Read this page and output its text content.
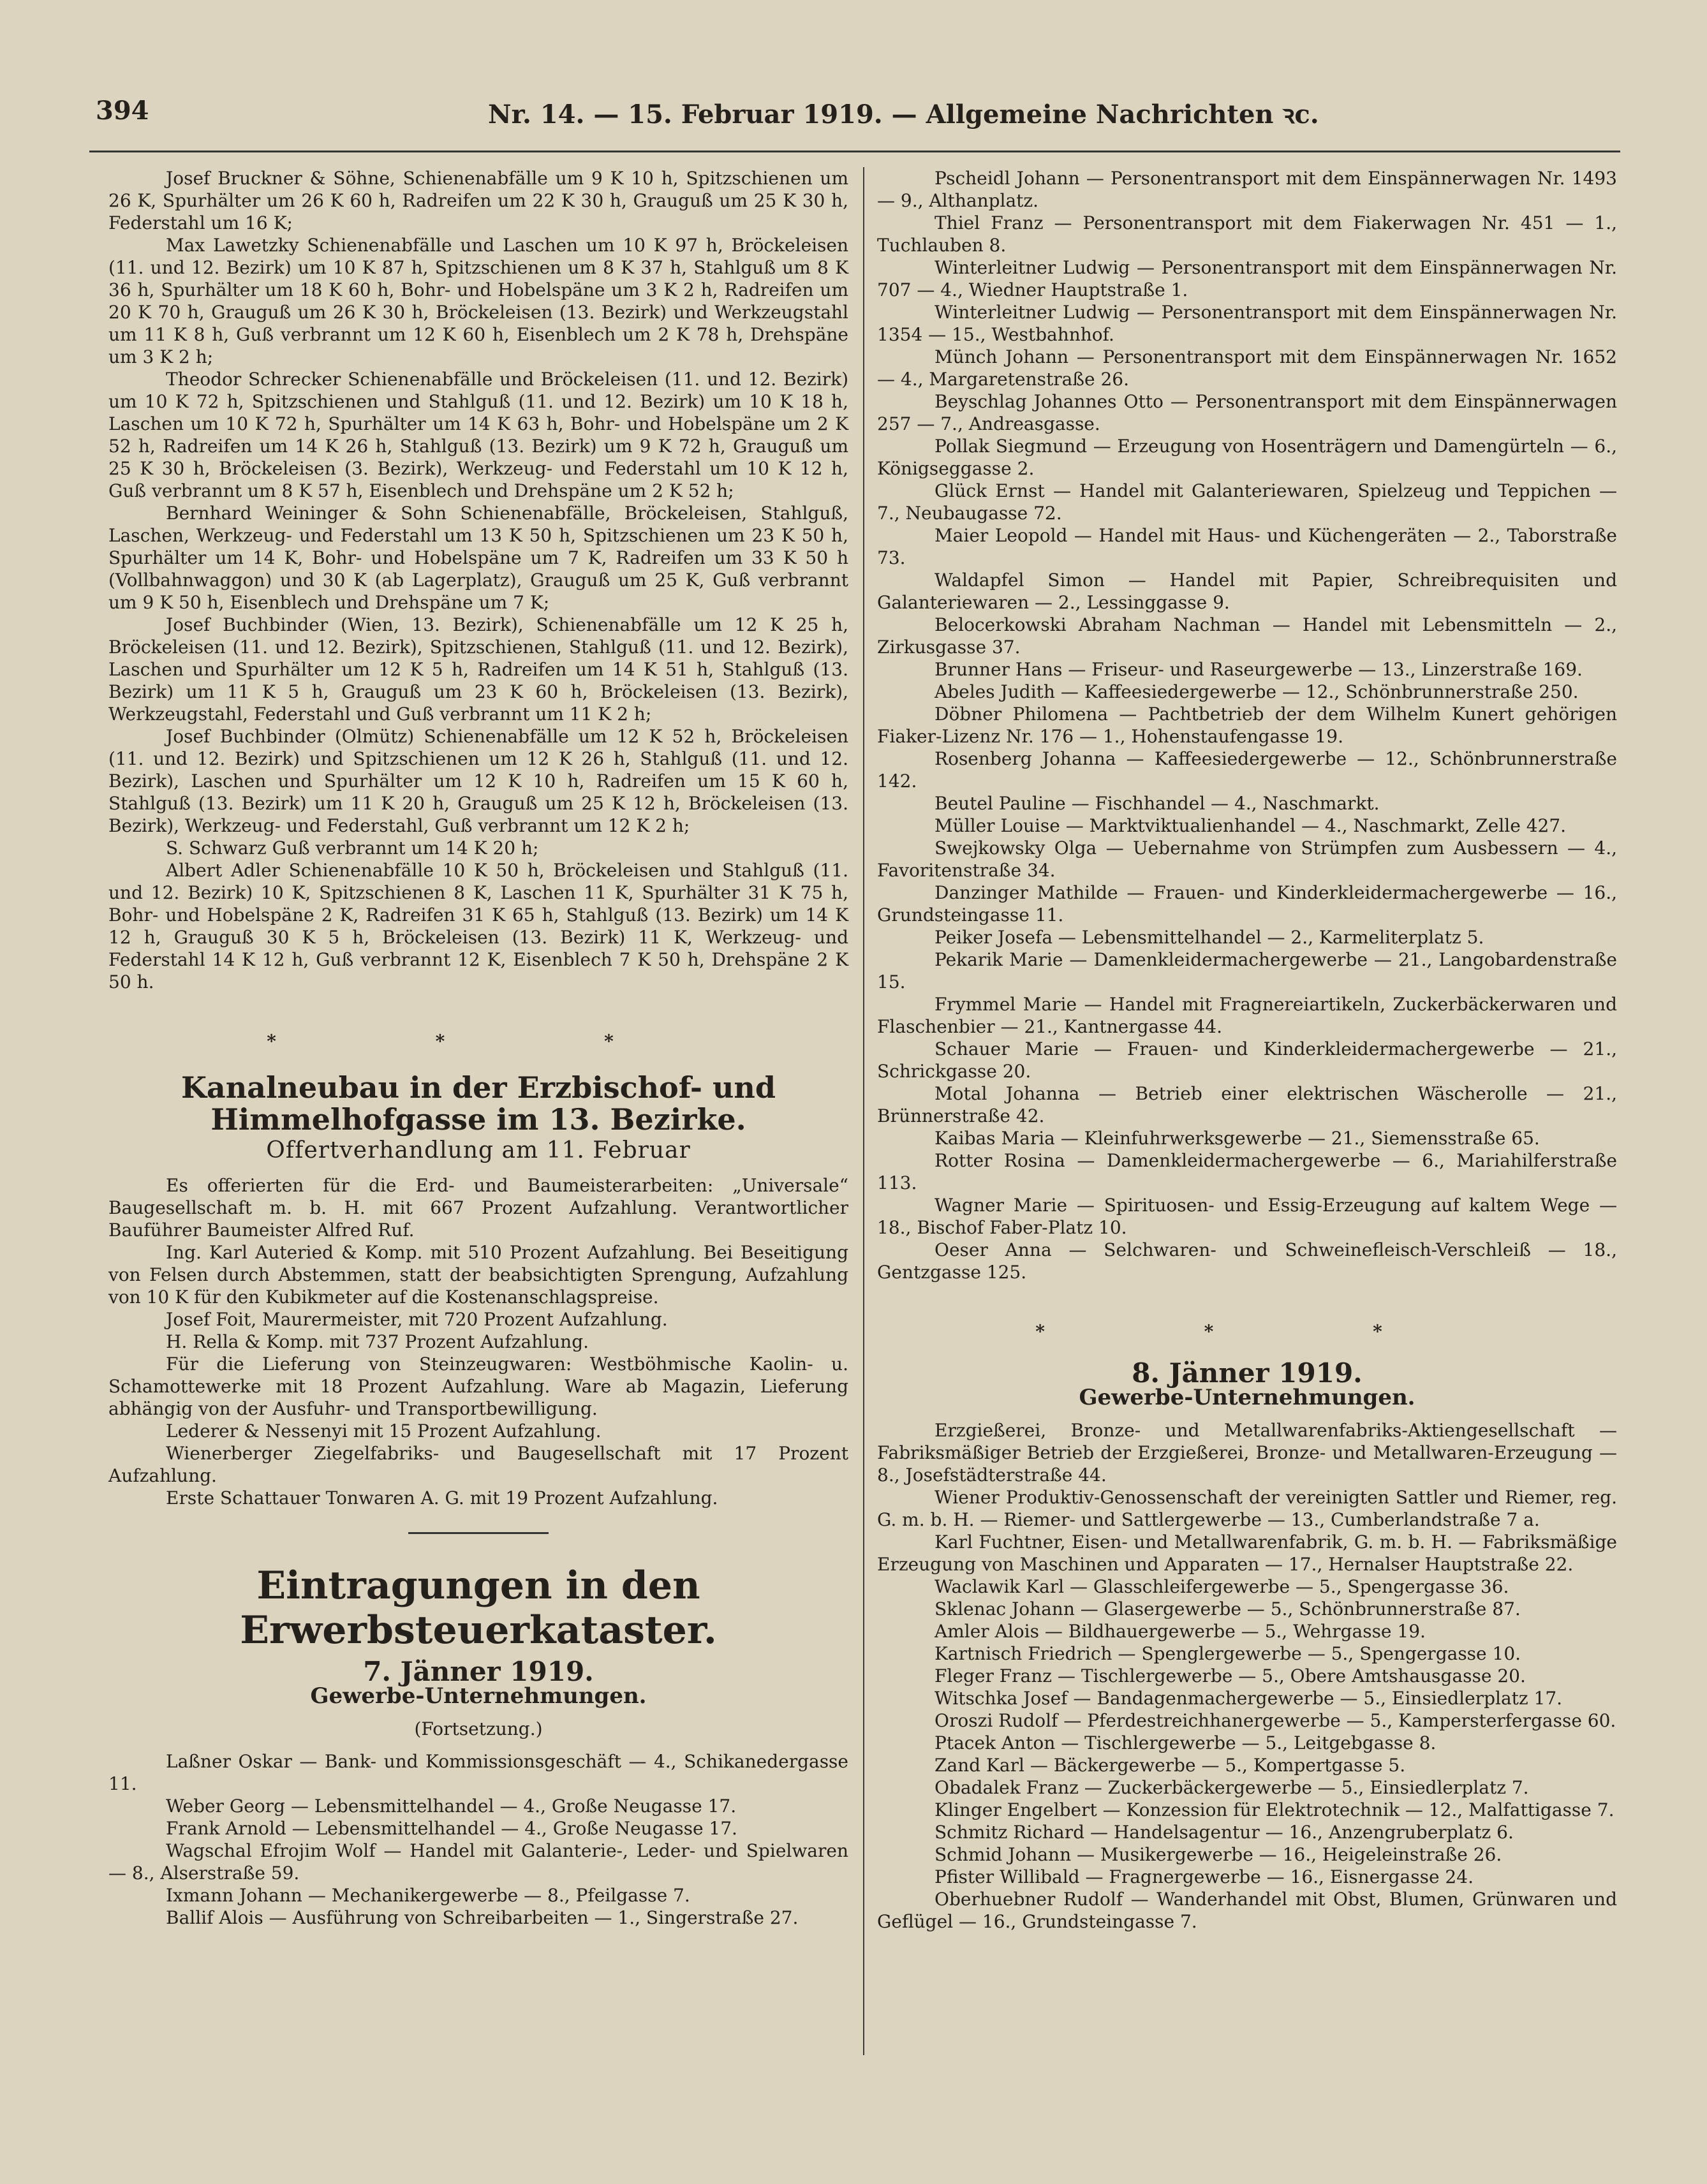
394	Nr. 14. — 15. Februar 1919. — Allgemeine Nachrichten ꝛc.

Josef Bruckner & Söhne, Schienenabfälle um 9 K 10 h, Spitzschienen um 26 K, Spurhälter um 26 K 60 h, Radreifen um 22 K 30 h, Grauguß um 25 K 30 h, Federstahl um 16 K;

Max Lawetzky Schienenabfälle und Laschen um 10 K 97 h, Bröckeleisen (11. und 12. Bezirk) um 10 K 87 h, Spitzschienen um 8 K 37 h, Stahlguß um 8 K 36 h, Spurhälter um 18 K 60 h, Bohr- und Hobelspäne um 3 K 2 h, Radreifen um 20 K 70 h, Grauguß um 26 K 30 h, Bröckeleisen (13. Bezirk) und Werkzeugstahl um 11 K 8 h, Guß verbrannt um 12 K 60 h, Eisenblech um 2 K 78 h, Drehspäne um 3 K 2 h;

Theodor Schrecker Schienenabfälle und Bröckeleisen (11. und 12. Bezirk) um 10 K 72 h, Spitzschienen und Stahlguß (11. und 12. Bezirk) um 10 K 18 h, Laschen um 10 K 72 h, Spurhälter um 14 K 63 h, Bohr- und Hobelspäne um 2 K 52 h, Radreifen um 14 K 26 h, Stahlguß (13. Bezirk) um 9 K 72 h, Grauguß um 25 K 30 h, Bröckeleisen (3. Bezirk), Werkzeug- und Federstahl um 10 K 12 h, Guß verbrannt um 8 K 57 h, Eisenblech und Drehspäne um 2 K 52 h;

Bernhard Weininger & Sohn Schienenabfälle, Bröckeleisen, Stahlguß, Laschen, Werkzeug- und Federstahl um 13 K 50 h, Spitzschienen um 23 K 50 h, Spurhälter um 14 K, Bohr- und Hobelspäne um 7 K, Radreifen um 33 K 50 h (Vollbahnwaggon) und 30 K (ab Lagerplatz), Grauguß um 25 K, Guß verbrannt um 9 K 50 h, Eisenblech und Drehspäne um 7 K;

Josef Buchbinder (Wien, 13. Bezirk), Schienenabfälle um 12 K 25 h, Bröckeleisen (11. und 12. Bezirk), Spitzschienen, Stahlguß (11. und 12. Bezirk), Laschen und Spurhälter um 12 K 5 h, Radreifen um 14 K 51 h, Stahlguß (13. Bezirk) um 11 K 5 h, Grauguß um 23 K 60 h, Bröckeleisen (13. Bezirk), Werkzeugstahl, Federstahl und Guß verbrannt um 11 K 2 h;

Josef Buchbinder (Olmütz) Schienenabfälle um 12 K 52 h, Bröckeleisen (11. und 12. Bezirk) und Spitzschienen um 12 K 26 h, Stahlguß (11. und 12. Bezirk), Laschen und Spurhälter um 12 K 10 h, Radreifen um 15 K 60 h, Stahlguß (13. Bezirk) um 11 K 20 h, Grauguß um 25 K 12 h, Bröckeleisen (13. Bezirk), Werkzeug- und Federstahl, Guß verbrannt um 12 K 2 h;

S. Schwarz Guß verbrannt um 14 K 20 h;

Albert Adler Schienenabfälle 10 K 50 h, Bröckeleisen und Stahlguß (11. und 12. Bezirk) 10 K, Spitzschienen 8 K, Laschen 11 K, Spurhälter 31 K 75 h, Bohr- und Hobelspäne 2 K, Radreifen 31 K 65 h, Stahlguß (13. Bezirk) um 14 K 12 h, Grauguß 30 K 5 h, Bröckeleisen (13. Bezirk) 11 K, Werkzeug- und Federstahl 14 K 12 h, Guß verbrannt 12 K, Eisenblech 7 K 50 h, Drehspäne 2 K 50 h.

* * *

Kanalneubau in der Erzbischof- und Himmelhofgasse im 13. Bezirke.
Offertverhandlung am 11. Februar

Es offerierten für die Erd- und Baumeisterarbeiten: „Universale“ Baugesellschaft m. b. H. mit 667 Prozent Aufzahlung. Verantwortlicher Bauführer Baumeister Alfred Ruf.

Ing. Karl Auteried & Komp. mit 510 Prozent Aufzahlung. Bei Beseitigung von Felsen durch Abstemmen, statt der beabsichtigten Sprengung, Aufzahlung von 10 K für den Kubikmeter auf die Kostenanschlagspreise.

Josef Foit, Maurermeister, mit 720 Prozent Aufzahlung.

H. Rella & Komp. mit 737 Prozent Aufzahlung.

Für die Lieferung von Steinzeugwaren: Westböhmische Kaolin- u. Schamottewerke mit 18 Prozent Aufzahlung. Ware ab Magazin, Lieferung abhängig von der Ausfuhr- und Transportbewilligung.

Lederer & Nessenyi mit 15 Prozent Aufzahlung.

Wienerberger Ziegelfabriks- und Baugesellschaft mit 17 Prozent Aufzahlung.

Erste Schattauer Tonwaren A. G. mit 19 Prozent Aufzahlung.

Eintragungen in den Erwerbsteuerkataster.
7. Jänner 1919.
Gewerbe-Unternehmungen.

(Fortsetzung.)

Laßner Oskar — Bank- und Kommissionsgeschäft — 4., Schikanedergasse 11.

Weber Georg — Lebensmittelhandel — 4., Große Neugasse 17.

Frank Arnold — Lebensmittelhandel — 4., Große Neugasse 17.

Wagschal Efrojim Wolf — Handel mit Galanterie-, Leder- und Spielwaren — 8., Alserstraße 59.

Ixmann Johann — Mechanikergewerbe — 8., Pfeilgasse 7.

Ballif Alois — Ausführung von Schreibarbeiten — 1., Singerstraße 27.

Pscheidl Johann — Personentransport mit dem Einspännerwagen Nr. 1493 — 9., Althanplatz.

Thiel Franz — Personentransport mit dem Fiakerwagen Nr. 451 — 1., Tuchlauben 8.

Winterleitner Ludwig — Personentransport mit dem Einspännerwagen Nr. 707 — 4., Wiedner Hauptstraße 1.

Winterleitner Ludwig — Personentransport mit dem Einspännerwagen Nr. 1354 — 15., Westbahnhof.

Münch Johann — Personentransport mit dem Einspännerwagen Nr. 1652 — 4., Margaretenstraße 26.

Beyschlag Johannes Otto — Personentransport mit dem Einspännerwagen 257 — 7., Andreasgasse.

Pollak Siegmund — Erzeugung von Hosenträgern und Damengürteln — 6., Königseggasse 2.

Glück Ernst — Handel mit Galanteriewaren, Spielzeug und Teppichen — 7., Neubaugasse 72.

Maier Leopold — Handel mit Haus- und Küchengeräten — 2., Taborstraße 73.

Waldapfel Simon — Handel mit Papier, Schreibrequisiten und Galanteriewaren — 2., Lessinggasse 9.

Belocerkowski Abraham Nachman — Handel mit Lebensmitteln — 2., Zirkusgasse 37.

Brunner Hans — Friseur- und Raseurgewerbe — 13., Linzerstraße 169.

Abeles Judith — Kaffeesiedergewerbe — 12., Schönbrunnerstraße 250.

Döbner Philomena — Pachtbetrieb der dem Wilhelm Kunert gehörigen Fiaker-Lizenz Nr. 176 — 1., Hohenstaufengasse 19.

Rosenberg Johanna — Kaffeesiedergewerbe — 12., Schönbrunnerstraße 142.

Beutel Pauline — Fischhandel — 4., Naschmarkt.

Müller Louise — Marktviktualienhandel — 4., Naschmarkt, Zelle 427.

Swejkowsky Olga — Uebernahme von Strümpfen zum Ausbessern — 4., Favoritenstraße 34.

Danzinger Mathilde — Frauen- und Kinderkleidermachergewerbe — 16., Grundsteingasse 11.

Peiker Josefa — Lebensmittelhandel — 2., Karmeliterplatz 5.

Pekarik Marie — Damenkleidermachergewerbe — 21., Langobardenstraße 15.

Frymmel Marie — Handel mit Fragnereiartikeln, Zuckerbäckerwaren und Flaschenbier — 21., Kantnergasse 44.

Schauer Marie — Frauen- und Kinderkleidermachergewerbe — 21., Schrickgasse 20.

Motal Johanna — Betrieb einer elektrischen Wäscherolle — 21., Brünnerstraße 42.

Kaibas Maria — Kleinfuhrwerksgewerbe — 21., Siemensstraße 65.

Rotter Rosina — Damenkleidermachergewerbe — 6., Mariahilferstraße 113.

Wagner Marie — Spirituosen- und Essig-Erzeugung auf kaltem Wege — 18., Bischof Faber-Platz 10.

Oeser Anna — Selchwaren- und Schweinefleisch-Verschleiß — 18., Gentzgasse 125.

* * *

8. Jänner 1919.
Gewerbe-Unternehmungen.

Erzgießerei, Bronze- und Metallwarenfabriks-Aktiengesellschaft — Fabriksmäßiger Betrieb der Erzgießerei, Bronze- und Metallwaren-Erzeugung — 8., Josefstädterstraße 44.

Wiener Produktiv-Genossenschaft der vereinigten Sattler und Riemer, reg. G. m. b. H. — Riemer- und Sattlergewerbe — 13., Cumberlandstraße 7 a.

Karl Fuchtner, Eisen- und Metallwarenfabrik, G. m. b. H. — Fabriksmäßige Erzeugung von Maschinen und Apparaten — 17., Hernalser Hauptstraße 22.

Waclawik Karl — Glasschleifergewerbe — 5., Spengergasse 36.

Sklenac Johann — Glasergewerbe — 5., Schönbrunnerstraße 87.

Amler Alois — Bildhauergewerbe — 5., Wehrgasse 19.

Kartnisch Friedrich — Spenglergewerbe — 5., Spengergasse 10.

Fleger Franz — Tischlergewerbe — 5., Obere Amtshausgasse 20.

Witschka Josef — Bandagenmachergewerbe — 5., Einsiedlerplatz 17.

Oroszi Rudolf — Pferdestreichhanergewerbe — 5., Kampersterfergasse 60.

Ptacek Anton — Tischlergewerbe — 5., Leitgebgasse 8.

Zand Karl — Bäckergewerbe — 5., Kompertgasse 5.

Obadalek Franz — Zuckerbäckergewerbe — 5., Einsiedlerplatz 7.

Klinger Engelbert — Konzession für Elektrotechnik — 12., Malfattigasse 7.

Schmitz Richard — Handelsagentur — 16., Anzengruberplatz 6.

Schmid Johann — Musikergewerbe — 16., Heigeleinstraße 26.

Pfister Willibald — Fragnergewerbe — 16., Eisnergasse 24.

Oberhuebner Rudolf — Wanderhandel mit Obst, Blumen, Grünwaren und Geflügel — 16., Grundsteingasse 7.
